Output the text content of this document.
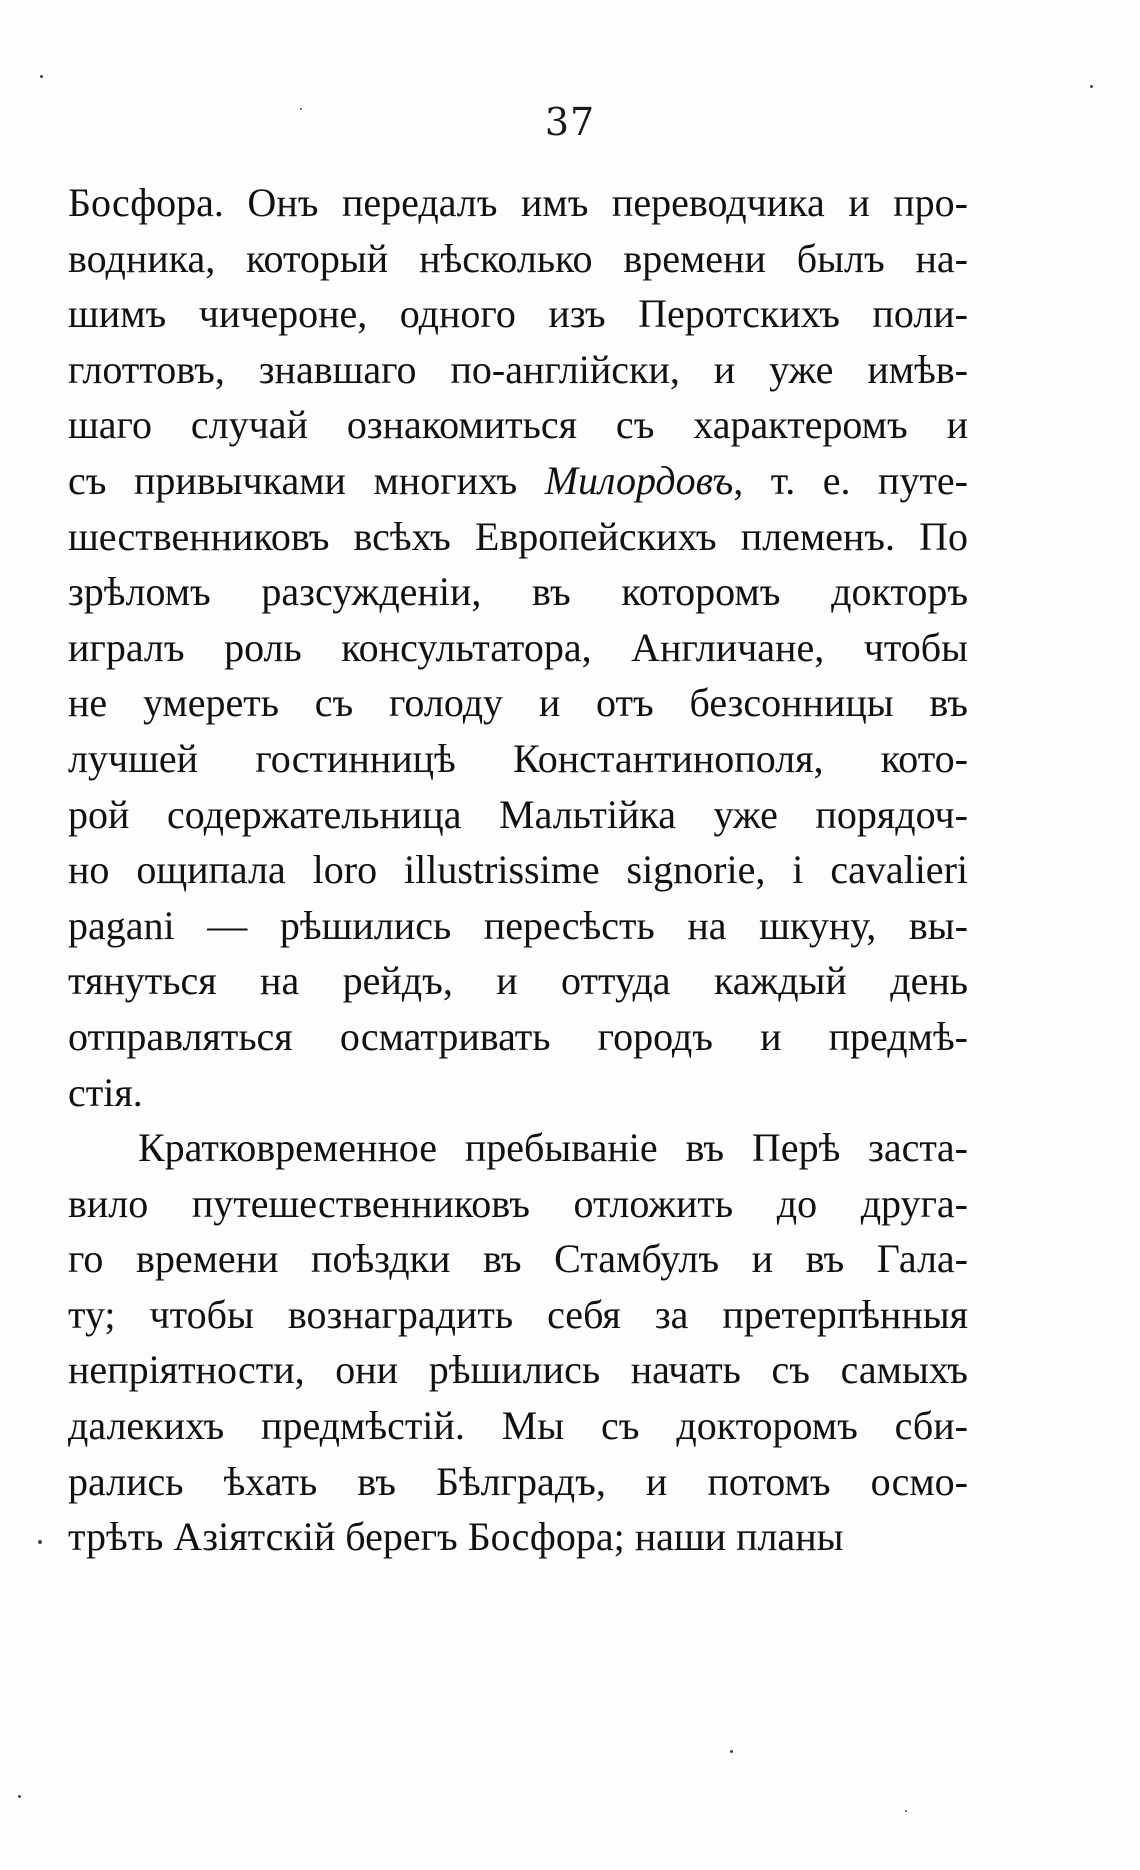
37
Босфора. Онъ передалъ имъ переводчика и про-
водника, который нѣсколько времени былъ на-
шимъ чичероне, одного изъ Перотскихъ поли-
глоттовъ, знавшаго по-англійски, и уже имѣв-
шаго случай ознакомиться съ характеромъ и
съ привычками многихъ Милордовъ, т. е. путе-
шественниковъ всѣхъ Европейскихъ племенъ. По
зрѣломъ разсужденіи, въ которомъ докторъ
игралъ роль консультатора, Англичане, чтобы
не умереть съ голоду и отъ безсонницы въ
лучшей гостинницѣ Константинополя, кото-
рой содержательница Мальтійка уже порядоч-
но ощипала loro illustrissime signorie, i cavalieri
pagani — рѣшились пересѣсть на шкуну, вы-
тянуться на рейдъ, и оттуда каждый день
отправляться осматривать городъ и предмѣ-
стія.
Кратковременное пребываніе въ Перѣ застa-
вило путешественниковъ отложить до друга-
го времени поѣздки въ Стамбулъ и въ Гала-
ту; чтобы вознаградить себя за претерпѣнныя
непріятности, они рѣшились начать съ самыхъ
далекихъ предмѣстій. Мы съ докторомъ сби-
рались ѣхать въ Бѣлградъ, и потомъ осмо-
трѣть Азіятскій берегъ Босфора; наши планы
